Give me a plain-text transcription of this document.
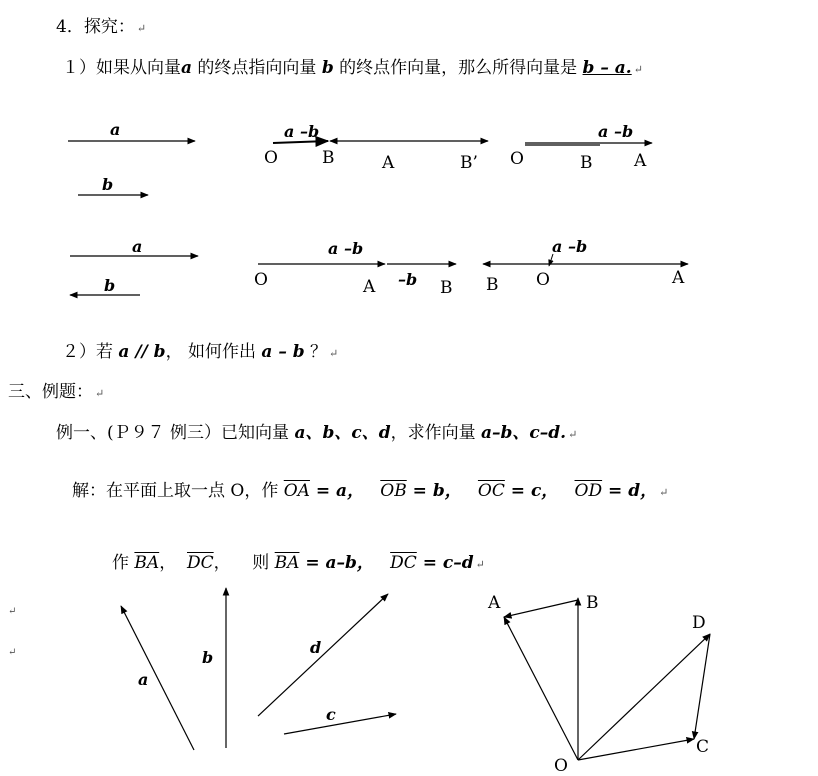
4．探究： ↵
１）如果从向量a 的终点指向向量 b 的终点作向量，那么所得向量是 b – a. ↵
２）若 a // b， 如何作出 a – b ？ ↵
三、例题： ↵
例一、(Ｐ９７ 例三）已知向量 a、b、c、d，求作向量 a–b、c–d. ↵
解：在平面上取一点 O，作 $\overline{OA} = a$， $\overline{OB} = b$， $\overline{OC} = c$， $\overline{OD} = d$， ↵
作 $\overline{BA}$， $\overline{DC}$， 则 $\overline{BA} = a-b$， $\overline{DC} = c-d$ ↵
a
b
a –b
O	B	A	B’
a –b
O	B A
a
b
a –b
–b
O	A	B
a –b
B O	A
a
b
d
c
A	B
D
C
O
↵
↵
